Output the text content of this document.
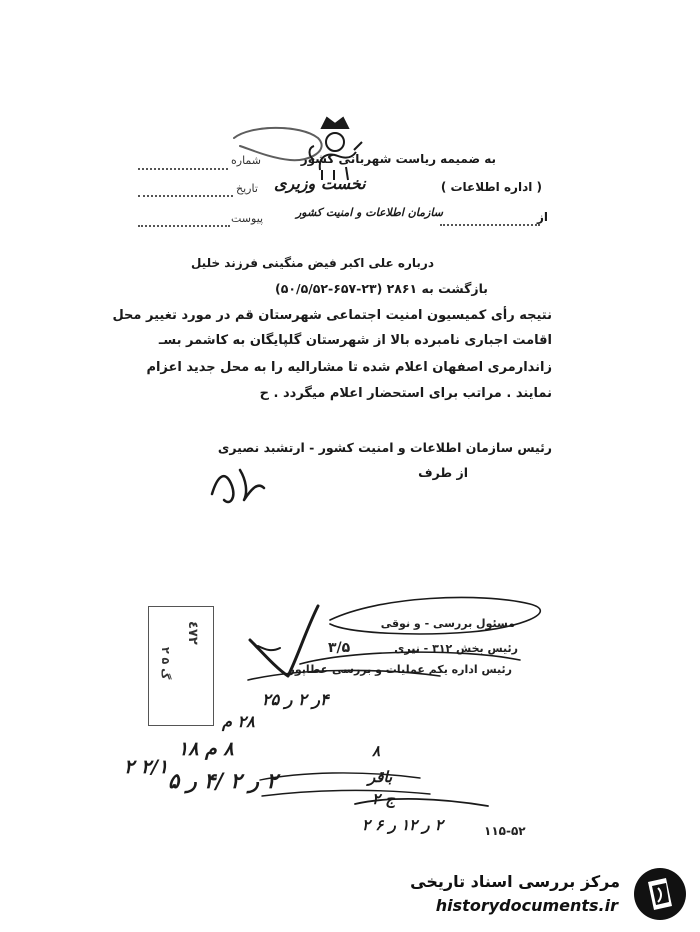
به ضمیمه ریاست شهربانی کشور
شماره
نخست وزیری	( اداره اطلاعات )
تاریخ
سازمان اطلاعات و امنیت کشور	از
پیوست
درباره علی اکبر فیض منگینی فرزند خلیل
بازگشت به ۲۸۶۱ (۲۳-۶۵۷-۵۰/۵/۵۲)
نتیجه رأی کمیسیون امنیت اجتماعی شهرستان قم در مورد تغییر محل
اقامت اجباری نامبرده بالا از شهرستان گلپایگان به کاشمر بسـ
زاندارمری اصفهان اعلام شده تا مشارالیه را به محل جدید اعزام
نمایند . مراتب برای استحضار اعلام میگردد . ح
رئیس سازمان اطلاعات و امنیت کشور - ارتشبد نصیری
از طرف
٤٧٢
۲ گ ۵
مسئول بررسی - و نوقی
رئیس بخش ۳۱۲ - نیری
۳/۵
رئیس اداره یکم عملیات و بررسی عطاپور
۱۱۵-۵۲
۴ر ۲ ر ۲۵
۲۸ م
۸ م ۱۸
۲/۱ ۲
۲ ر ۲ /۴ ر ۵
۸
باقر
ج ۲
۲ ر ۱۲ ر ۶ ۲
مرکز بررسی اسناد تاریخی
historydocuments.ir
